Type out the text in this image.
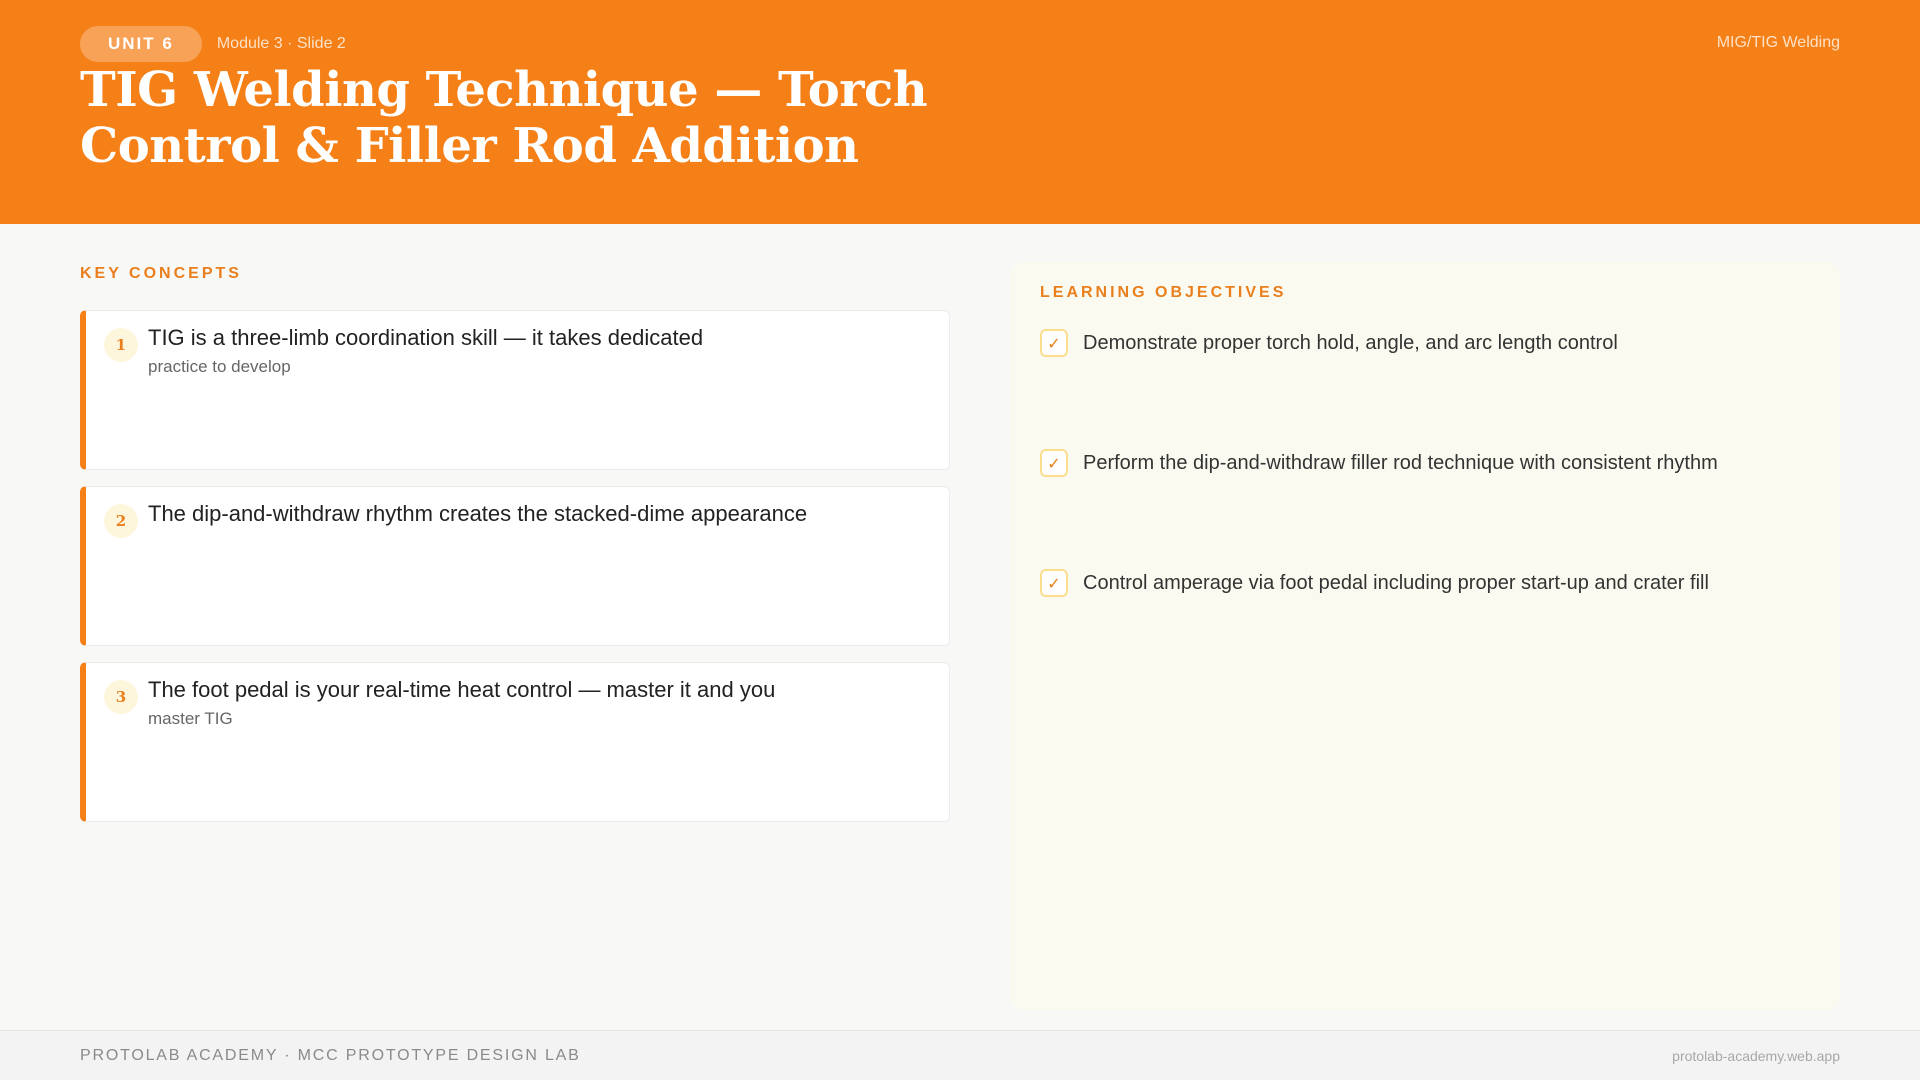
UNIT 6	Module 3 · Slide 2	MIG/TIG Welding
TIG Welding Technique — Torch Control & Filler Rod Addition
KEY CONCEPTS
1 TIG is a three-limb coordination skill — it takes dedicated
practice to develop
2 The dip-and-withdraw rhythm creates the stacked-dime appearance
3 The foot pedal is your real-time heat control — master it and you
master TIG
LEARNING OBJECTIVES
✓	Demonstrate proper torch hold, angle, and arc length control
✓	Perform the dip-and-withdraw filler rod technique with consistent rhythm
✓	Control amperage via foot pedal including proper start-up and crater fill
PROTOLAB ACADEMY · MCC PROTOTYPE DESIGN LAB	protolab-academy.web.app
